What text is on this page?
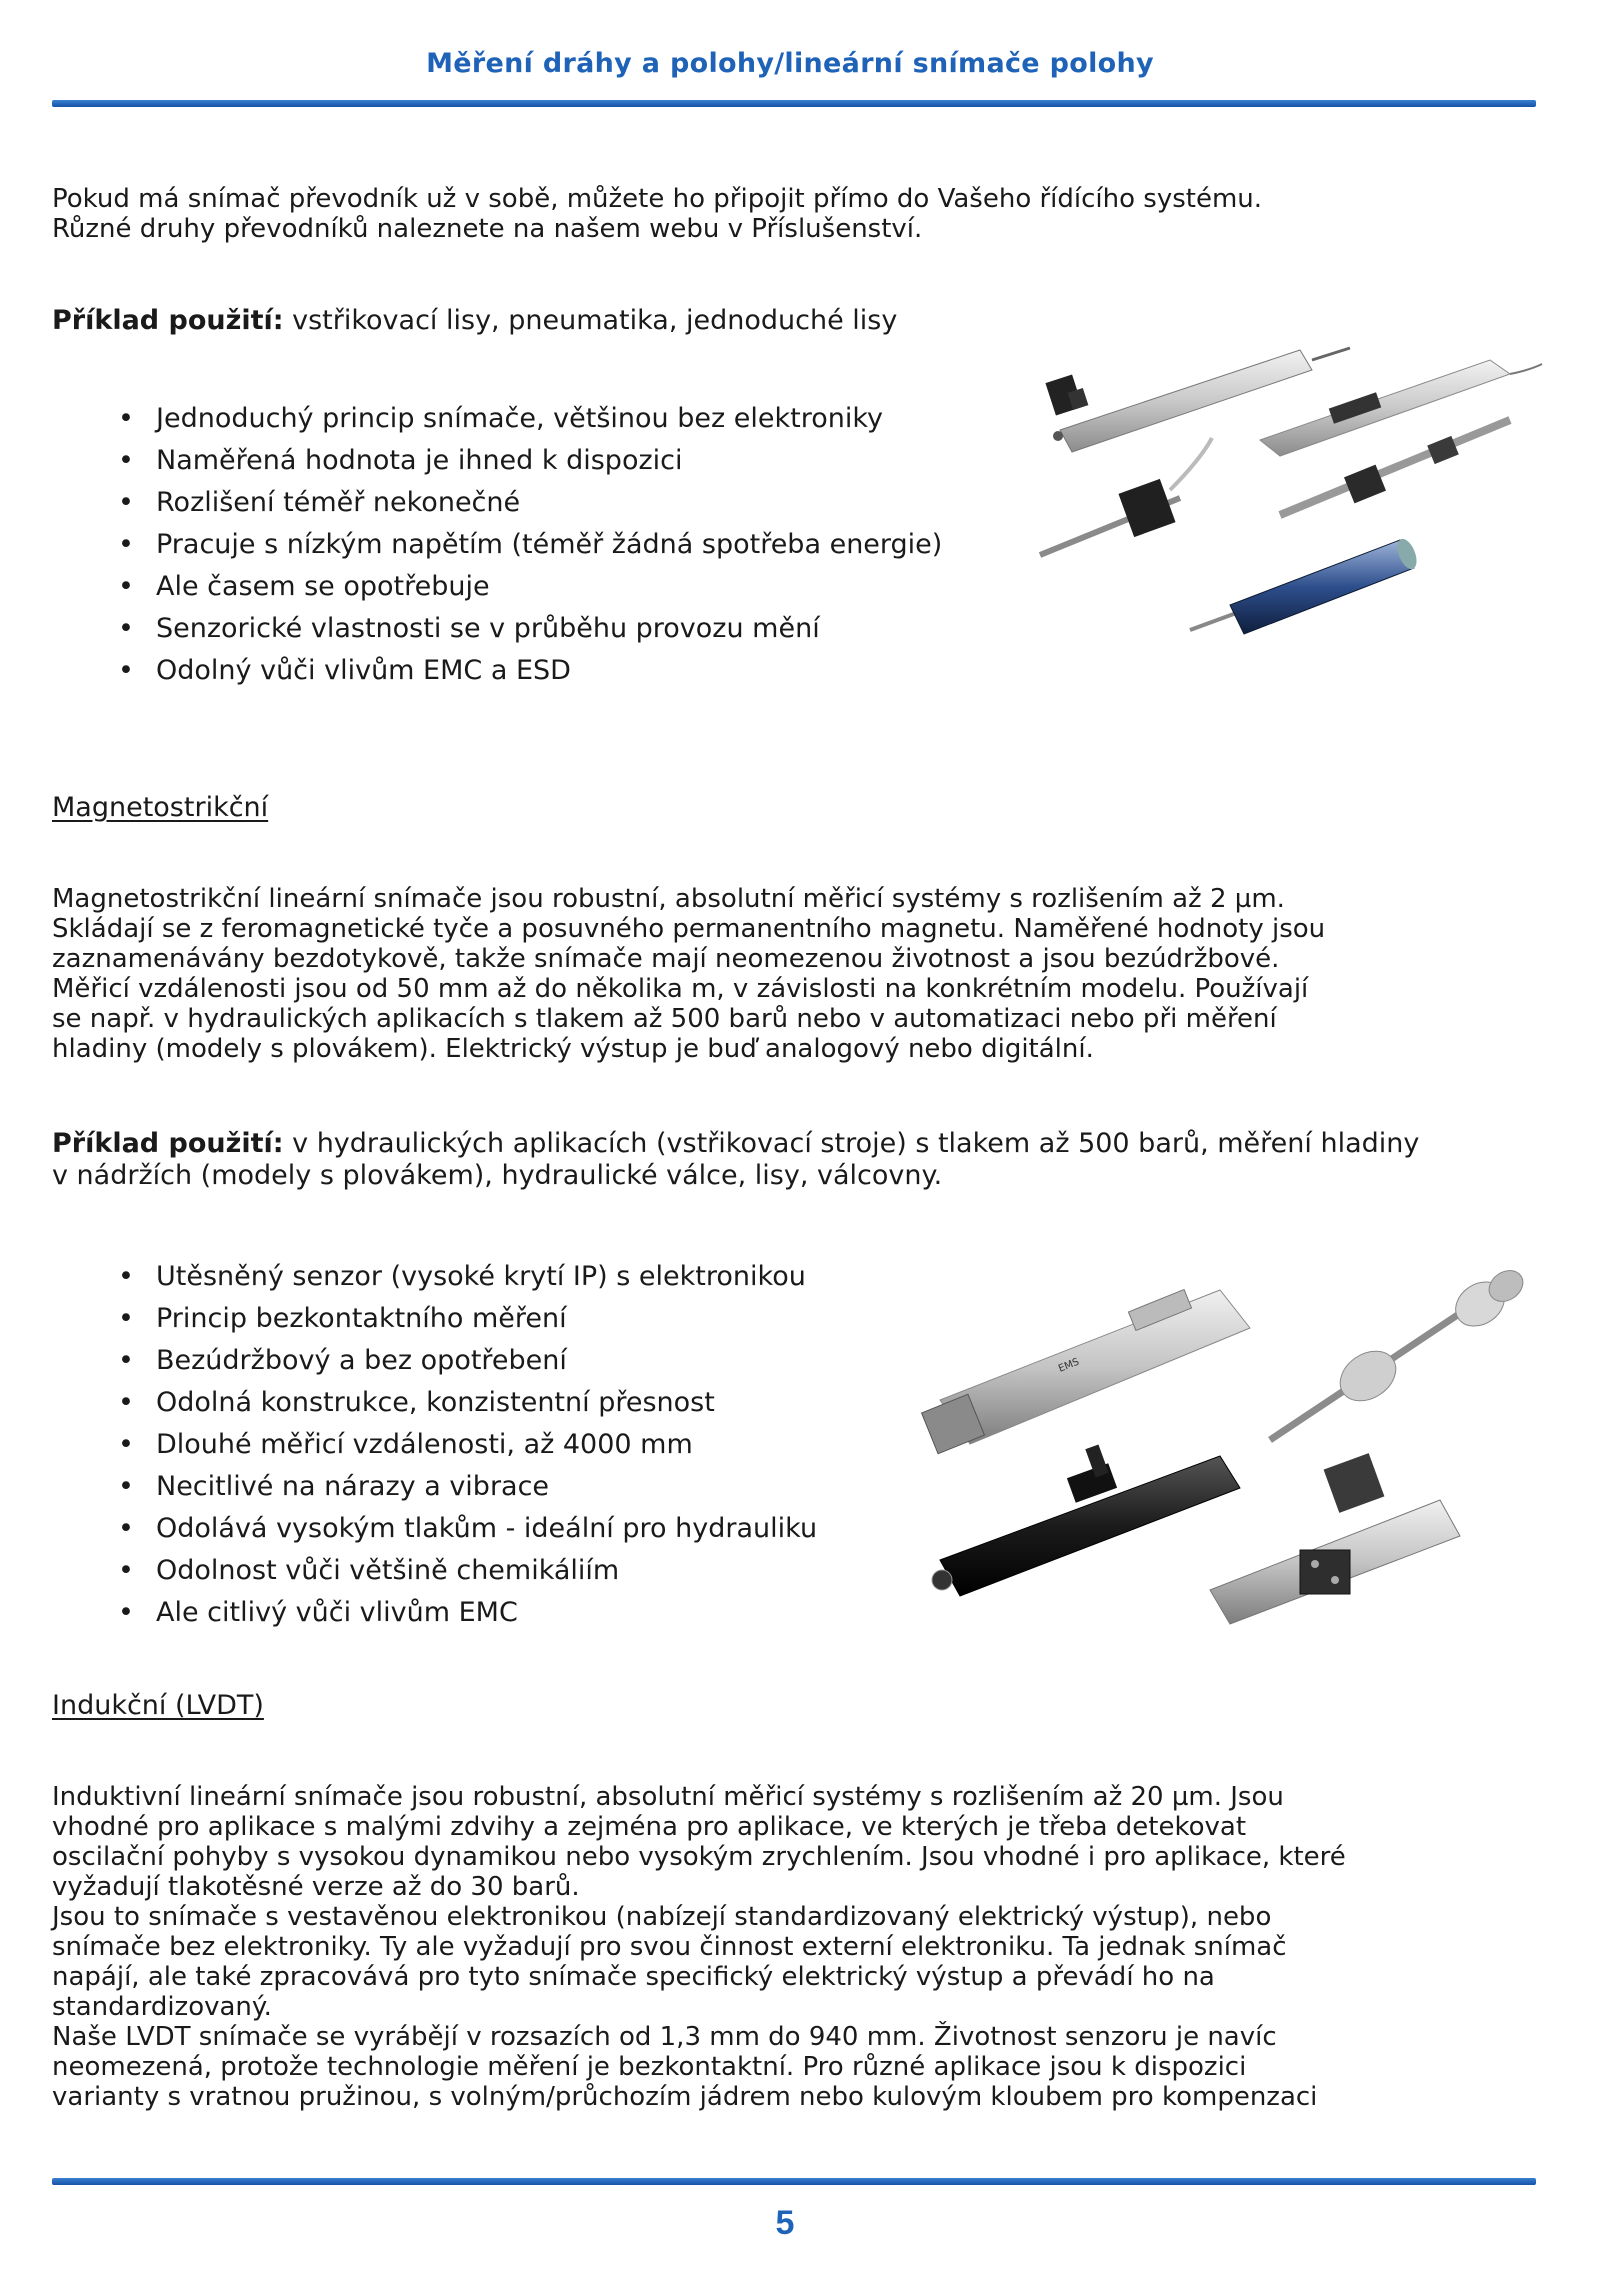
Měření dráhy a polohy/lineární snímače polohy
Pokud má snímač převodník už v sobě, můžete ho připojit přímo do Vašeho řídícího systému.
Různé druhy převodníků naleznete na našem webu v Příslušenství.
Příklad použití: vstřikovací lisy, pneumatika, jednoduché lisy
• Jednoduchý princip snímače, většinou bez elektroniky
• Naměřená hodnota je ihned k dispozici
• Rozlišení téměř nekonečné
• Pracuje s nízkým napětím (téměř žádná spotřeba energie)
• Ale časem se opotřebuje
• Senzorické vlastnosti se v průběhu provozu mění
• Odolný vůči vlivům EMC a ESD
Magnetostrikční
Magnetostrikční lineární snímače jsou robustní, absolutní měřicí systémy s rozlišením až 2 µm.
Skládají se z feromagnetické tyče a posuvného permanentního magnetu. Naměřené hodnoty jsou
zaznamenávány bezdotykově, takže snímače mají neomezenou životnost a jsou bezúdržbové.
Měřicí vzdálenosti jsou od 50 mm až do několika m, v závislosti na konkrétním modelu. Používají
se např. v hydraulických aplikacích s tlakem až 500 barů nebo v automatizaci nebo při měření
hladiny (modely s plovákem). Elektrický výstup je buď analogový nebo digitální.
Příklad použití: v hydraulických aplikacích (vstřikovací stroje) s tlakem až 500 barů, měření hladiny
v nádržích (modely s plovákem), hydraulické válce, lisy, válcovny.
• Utěsněný senzor (vysoké krytí IP) s elektronikou
• Princip bezkontaktního měření
• Bezúdržbový a bez opotřebení
• Odolná konstrukce, konzistentní přesnost
• Dlouhé měřicí vzdálenosti, až 4000 mm
• Necitlivé na nárazy a vibrace
• Odolává vysokým tlakům - ideální pro hydrauliku
• Odolnost vůči většině chemikáliím
• Ale citlivý vůči vlivům EMC
EMS
Indukční (LVDT)
Induktivní lineární snímače jsou robustní, absolutní měřicí systémy s rozlišením až 20 µm. Jsou
vhodné pro aplikace s malými zdvihy a zejména pro aplikace, ve kterých je třeba detekovat
oscilační pohyby s vysokou dynamikou nebo vysokým zrychlením. Jsou vhodné i pro aplikace, které
vyžadují tlakotěsné verze až do 30 barů.
Jsou to snímače s vestavěnou elektronikou (nabízejí standardizovaný elektrický výstup), nebo
snímače bez elektroniky. Ty ale vyžadují pro svou činnost externí elektroniku. Ta jednak snímač
napájí, ale také zpracovává pro tyto snímače specifický elektrický výstup a převádí ho na
standardizovaný.
Naše LVDT snímače se vyrábějí v rozsazích od 1,3 mm do 940 mm. Životnost senzoru je navíc
neomezená, protože technologie měření je bezkontaktní. Pro různé aplikace jsou k dispozici
varianty s vratnou pružinou, s volným/průchozím jádrem nebo kulovým kloubem pro kompenzaci
5
